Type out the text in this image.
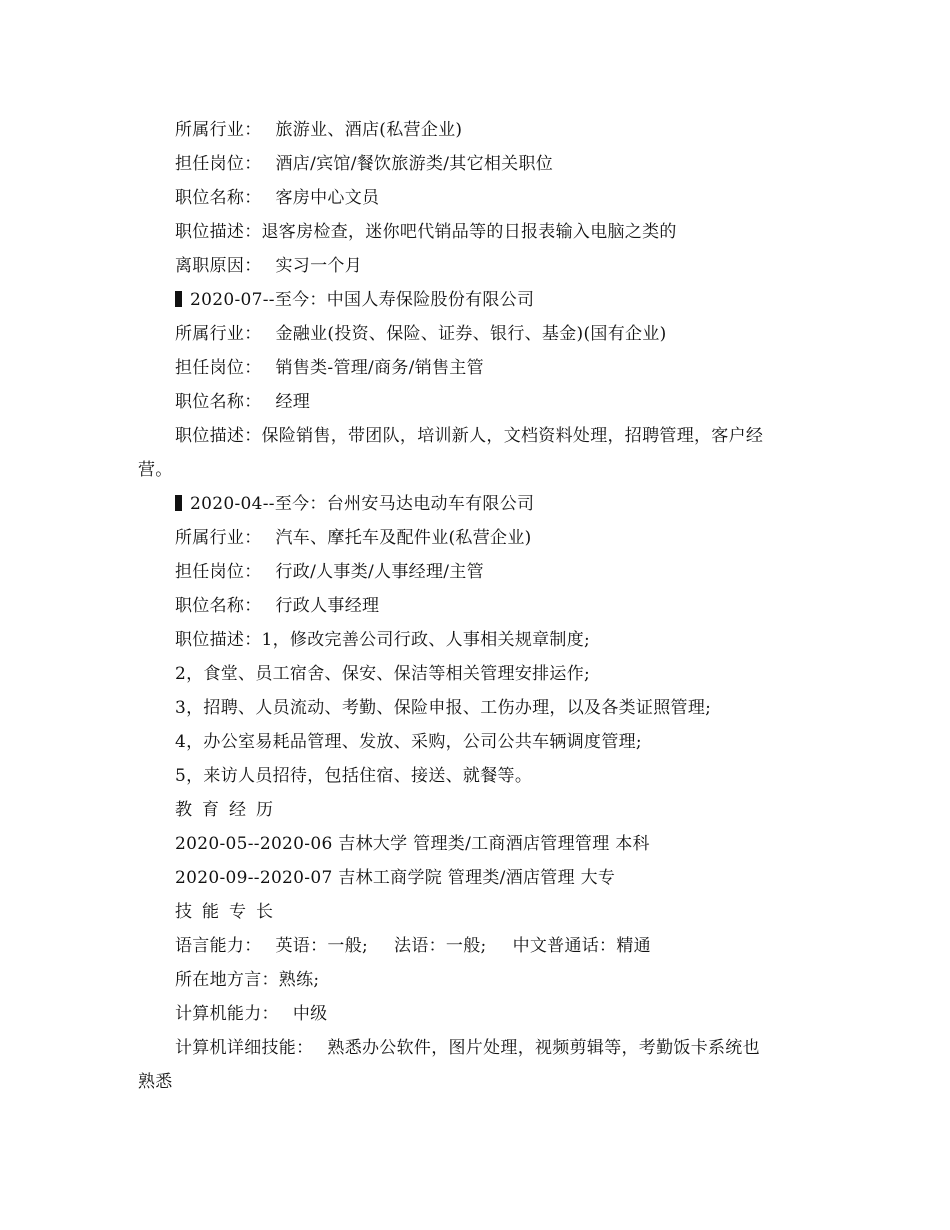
所属行业： 旅游业、酒店(私营企业)
担任岗位： 酒店/宾馆/餐饮旅游类/其它相关职位
职位名称： 客房中心文员
职位描述：退客房检查，迷你吧代销品等的日报表输入电脑之类的
离职原因： 实习一个月
2020-07--至今：中国人寿保险股份有限公司
所属行业： 金融业(投资、保险、证券、银行、基金)(国有企业)
担任岗位： 销售类-管理/商务/销售主管
职位名称： 经理
职位描述：保险销售，带团队，培训新人，文档资料处理，招聘管理，客户经
营。
2020-04--至今：台州安马达电动车有限公司
所属行业： 汽车、摩托车及配件业(私营企业)
担任岗位： 行政/人事类/人事经理/主管
职位名称： 行政人事经理
职位描述：1，修改完善公司行政、人事相关规章制度;
2，食堂、员工宿舍、保安、保洁等相关管理安排运作;
3，招聘、人员流动、考勤、保险申报、工伤办理，以及各类证照管理;
4，办公室易耗品管理、发放、采购，公司公共车辆调度管理;
5，来访人员招待，包括住宿、接送、就餐等。
教育经历
2020-05--2020-06 吉林大学 管理类/工商酒店管理管理 本科
2020-09--2020-07 吉林工商学院 管理类/酒店管理 大专
技能专长
语言能力： 英语：一般; 法语：一般; 中文普通话：精通
所在地方言：熟练;
计算机能力： 中级
计算机详细技能： 熟悉办公软件，图片处理，视频剪辑等，考勤饭卡系统也
熟悉
